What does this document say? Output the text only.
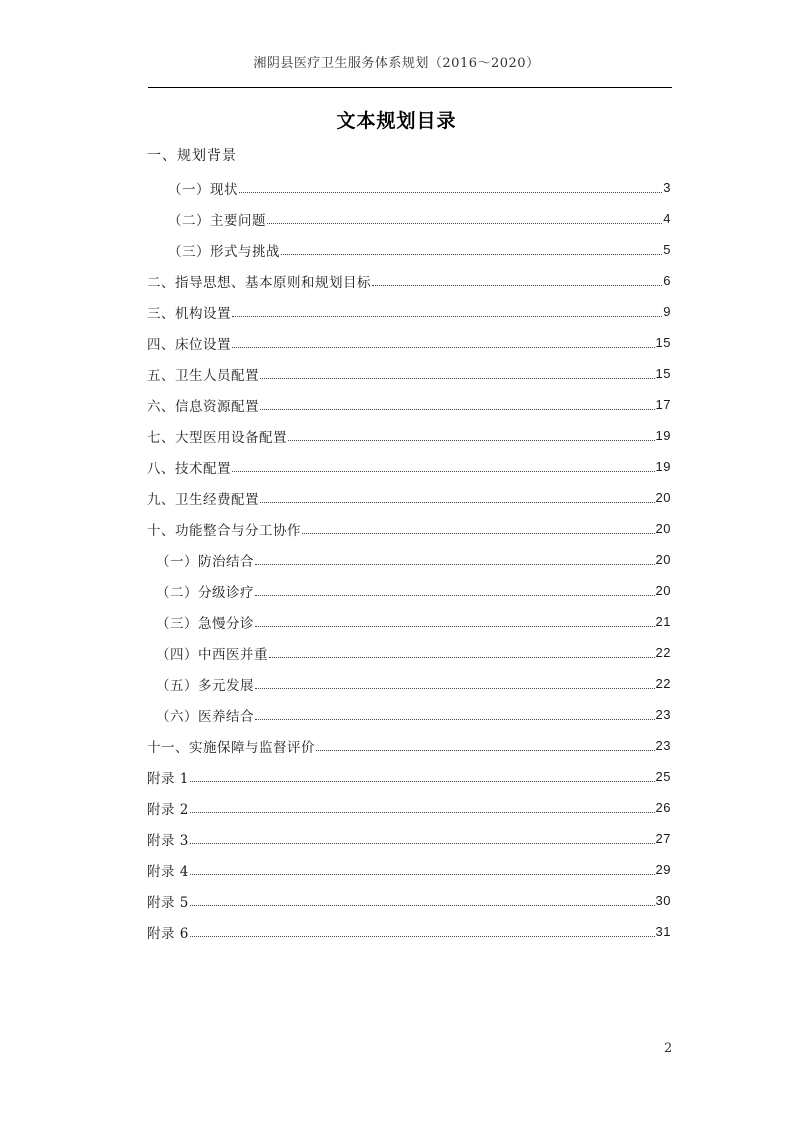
湘阴县医疗卫生服务体系规划（2016～2020）
文本规划目录
一、规划背景
（一）现状	3
（二）主要问题	4
（三）形式与挑战	5
二、指导思想、基本原则和规划目标	6
三、机构设置	9
四、床位设置	15
五、卫生人员配置	15
六、信息资源配置	17
七、大型医用设备配置	19
八、技术配置	19
九、卫生经费配置	20
十、功能整合与分工协作	20
（一）防治结合	20
（二）分级诊疗	20
（三）急慢分诊	21
（四）中西医并重	22
（五）多元发展	22
（六）医养结合	23
十一、实施保障与监督评价	23
附录 1	25
附录 2	26
附录 3	27
附录 4	29
附录 5	30
附录 6	31
2
